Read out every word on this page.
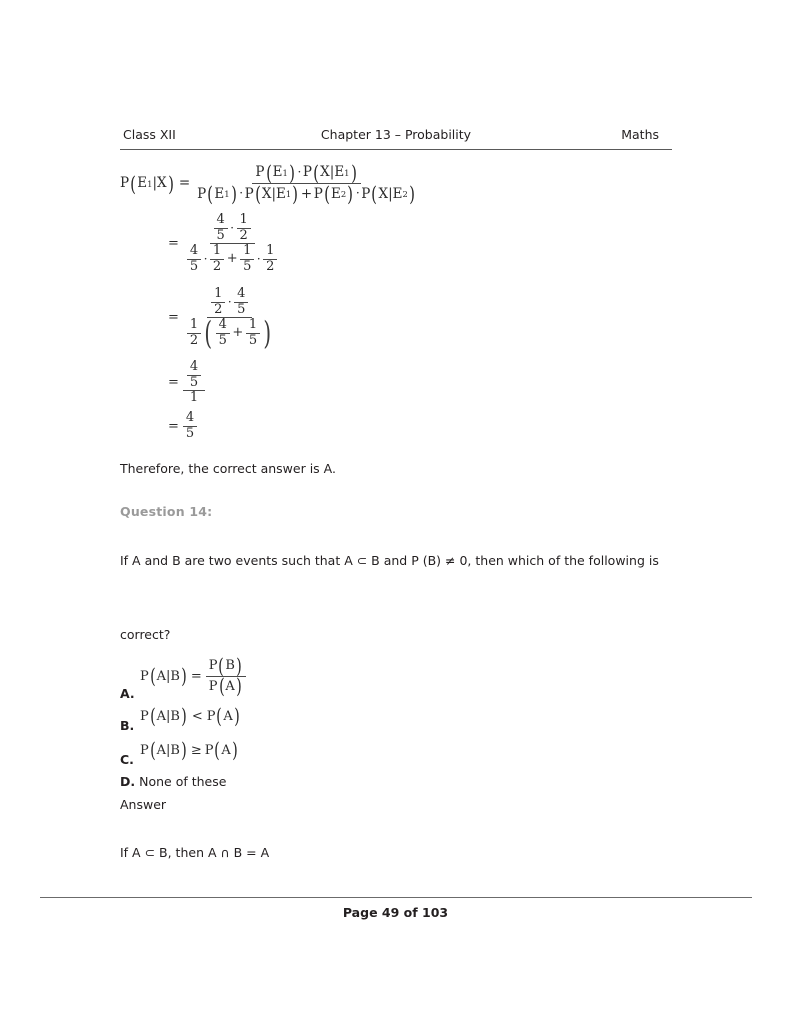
Class XII	Chapter 13 – Probability	Maths
P ( E 1 | X ) = $\frac{P ( E 1 ) \cdot P ( X|E 1 )}{P ( E 1 ) \cdot P ( X|E 1 ) + P ( E 2 ) \cdot P ( X|E 2 )}$
= $\frac{\frac{4}{5} \cdot \frac{1}{2}}{\frac{4}{5} \cdot \frac{1}{2} + \frac{1}{5} \cdot \frac{1}{2}}$
= $\frac{\frac{1}{2} \cdot \frac{4}{5}}{\frac{1}{2} ( \frac{4}{5} + \frac{1}{5} )}$
= $\frac{\frac{4}{5}}{1}$
= $\frac{4}{5}$
Therefore, the correct answer is A.
Question 14:
If A and B are two events such that A ⊂ B and P (B) ≠ 0, then which of the following is
correct?
A.
P ( A | B ) = $\frac{P ( B )}{P ( A )}$
B.
P ( A | B ) < P ( A )
C.
P ( A | B ) ≥ P ( A )
D. None of these
Answer
If A ⊂ B, then A ∩ B = A
Page 49 of 103
